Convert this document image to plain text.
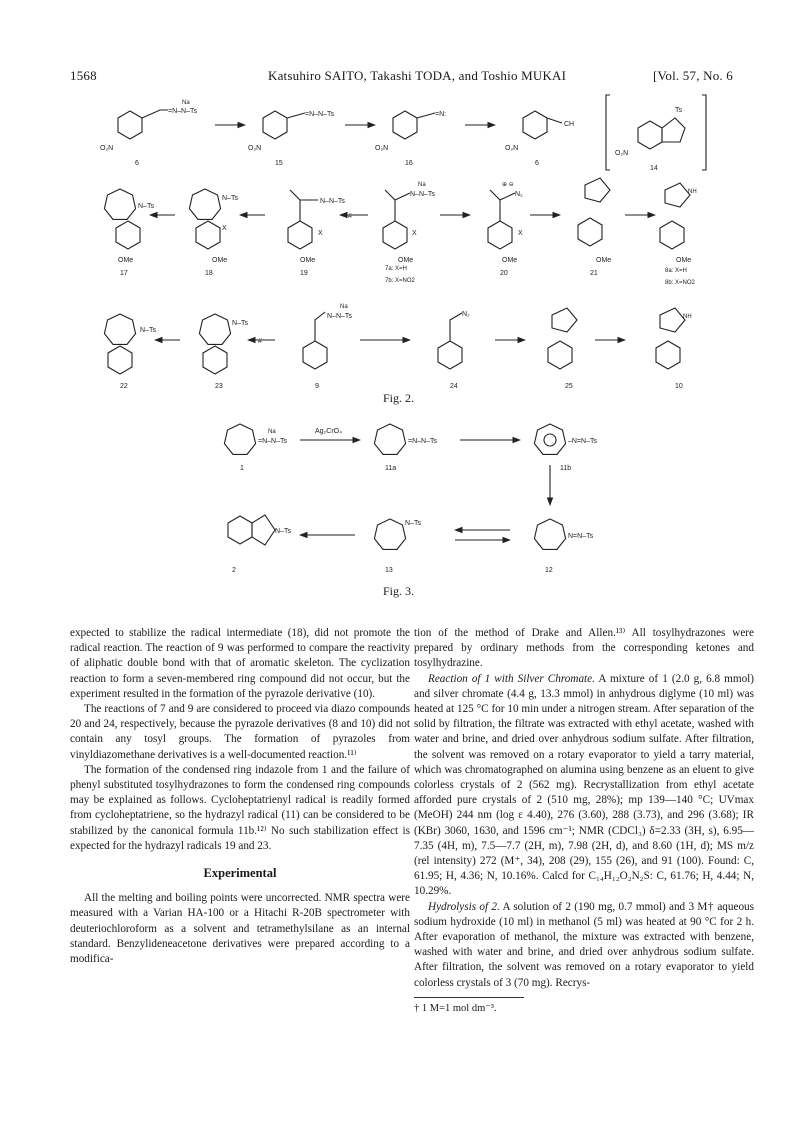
1568	Katsuhiro SAITO, Takashi TODA, and Toshio MUKAI	[Vol. 57, No. 6
=N–N–Ts
Na
O₂N
=N–N–Ts
O₂N
=N:
O₂N
CH
O₂N
Ts
O₂N
6	15	16	6
14
N–Ts
OMe
N–Ts
X
OMe
N–N–Ts
X
OMe
#
N–N–Ts
Na
X
OMe
N₂
⊕ ⊖
X
OMe	OMe
NH
OMe
17	18	19
7a: X=H
7b: X=NO2
20	21	8a: X=H
8b: X=NO2
N–Ts
N–Ts
#
N–N–Ts
Na
N₂	NH
22	23	9	24	25	10
=N–N–Ts
Na	Ag₂CrO₄
=N–N–Ts	–N=N–Ts
N=N–Ts
N–Ts
N–Ts
1	11a	11b
2	13	12
Fig. 2.
Fig. 3.

expected to stabilize the radical intermediate (18), did not promote the radical reaction. The reaction of 9 was performed to compare the reactivity of aliphatic double bond with that of aromatic skeleton. The cyclization reaction to form a seven-membered ring compound did not occur, but the experiment resulted in the formation of the pyrazole derivative (10).

The reactions of 7 and 9 are considered to proceed via diazo compounds 20 and 24, respectively, because the pyrazole derivatives (8 and 10) did not contain any tosyl groups. The formation of pyrazoles from vinyldiazomethane derivatives is a well-documented reaction.¹¹⁾

The formation of the condensed ring indazole from 1 and the failure of phenyl substituted tosylhydrazones to form the condensed ring compounds may be explained as follows. Cycloheptatrienyl radical is readily formed from cycloheptatriene, so the hydrazyl radical (11) can be considered to be stabilized by the canonical formula 11b.¹²⁾ No such stabilization effect is expected for the hydrazyl radicals 19 and 23.

Experimental

All the melting and boiling points were uncorrected. NMR spectra were measured with a Varian HA-100 or a Hitachi R-20B spectrometer with deuteriochloroform as a solvent and tetramethylsilane as an internal standard. Benzylideneacetone derivatives were prepared according to a modifica-

tion of the method of Drake and Allen.¹³⁾ All tosylhydrazones were prepared by ordinary methods from the corresponding ketones and tosylhydrazine.

Reaction of 1 with Silver Chromate. A mixture of 1 (2.0 g, 6.8 mmol) and silver chromate (4.4 g, 13.3 mmol) in anhydrous diglyme (10 ml) was heated at 125 °C for 10 min under a nitrogen stream. After separation of the solid by filtration, the filtrate was extracted with ethyl acetate, washed with water and brine, and dried over anhydrous sodium sulfate. After filtration, the solvent was removed on a rotary evaporator to yield a tarry material, which was chromatographed on alumina using benzene as an eluent to give colorless crystals of 2 (562 mg). Recrystallization from ethyl acetate afforded pure crystals of 2 (510 mg, 28%); mp 139—140 °C; UVmax (MeOH) 244 nm (log ε 4.40), 276 (3.60), 288 (3.73), and 296 (3.68); IR (KBr) 3060, 1630, and 1596 cm⁻¹; NMR (CDCl₃) δ=2.33 (3H, s), 6.95—7.35 (4H, m), 7.5—7.7 (2H, m), 7.98 (2H, d), and 8.60 (1H, d); MS m/z (rel intensity) 272 (M⁺, 34), 208 (29), 155 (26), and 91 (100). Found: C, 61.95; H, 4.36; N, 10.16%. Calcd for C₁₄H₁₂O₂N₂S: C, 61.76; H, 4.44; N, 10.29%.

Hydrolysis of 2. A solution of 2 (190 mg, 0.7 mmol) and 3 M† aqueous sodium hydroxide (10 ml) in methanol (5 ml) was heated at 90 °C for 2 h. After evaporation of methanol, the mixture was extracted with benzene, washed with water and brine, and dried over anhydrous sodium sulfate. After filtration, the solvent was removed on a rotary evaporator to yield colorless crystals of 3 (70 mg). Recrys-

† 1 M=1 mol dm⁻³.
